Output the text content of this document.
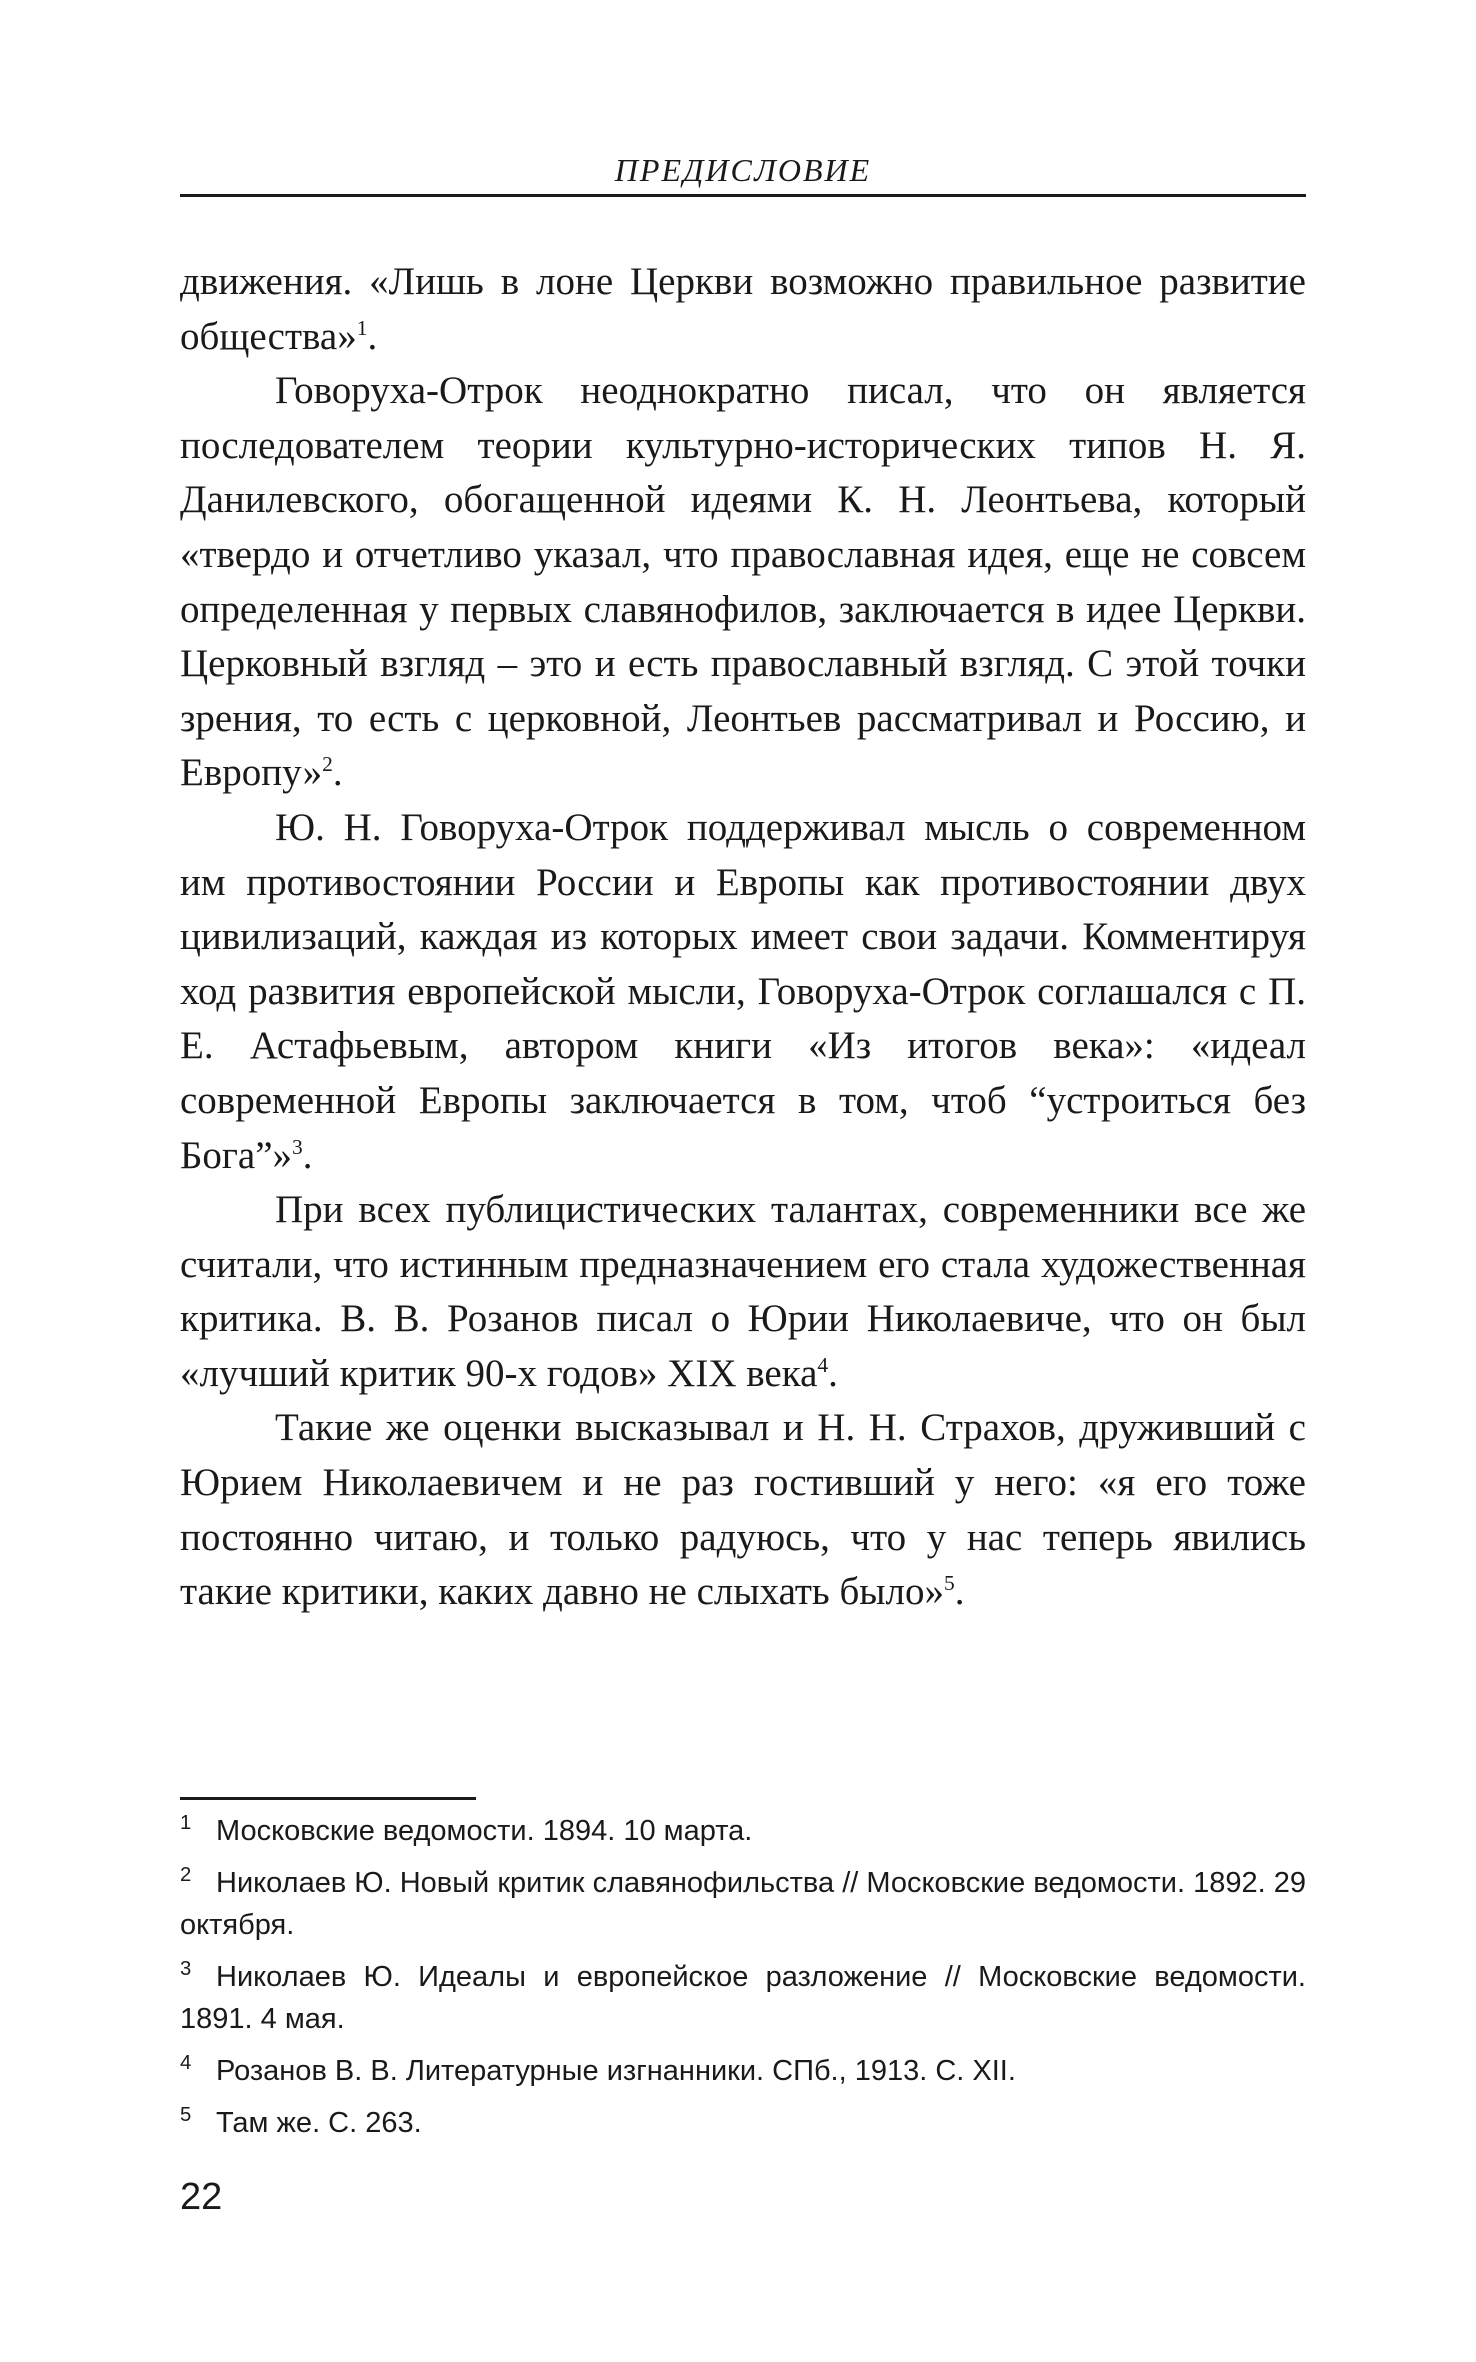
ПРЕДИСЛОВИЕ

движения. «Лишь в лоне Церкви возможно правильное развитие общества»$^1$.

Говоруха-Отрок неоднократно писал, что он является последователем теории культурно-исторических типов Н. Я. Данилевского, обогащенной идеями К. Н. Леонтьева, который «твердо и отчетливо указал, что православная идея, еще не совсем определенная у первых славянофилов, заключается в идее Церкви. Церковный взгляд – это и есть православный взгляд. С этой точки зрения, то есть с церковной, Леонтьев рассматривал и Россию, и Европу»$^2$.

Ю. Н. Говоруха-Отрок поддерживал мысль о современном им противостоянии России и Европы как противостоянии двух цивилизаций, каждая из которых имеет свои задачи. Комментируя ход развития европейской мысли, Говоруха-Отрок соглашался с П. Е. Астафьевым, автором книги «Из итогов века»: «идеал современной Европы заключается в том, чтоб “устроиться без Бога”»$^3$.

При всех публицистических талантах, современники все же считали, что истинным предназначением его стала художественная критика. В. В. Розанов писал о Юрии Николаевиче, что он был «лучший критик 90-х годов» XIX века$^4$.

Такие же оценки высказывал и Н. Н. Страхов, друживший с Юрием Николаевичем и не раз гостивший у него: «я его тоже постоянно читаю, и только радуюсь, что у нас теперь явились такие критики, каких давно не слыхать было»$^5$.

1 Московские ведомости. 1894. 10 марта.

2 Николаев Ю. Новый критик славянофильства // Московские ведомости. 1892. 29 октября.

3 Николаев Ю. Идеалы и европейское разложение // Московские ведомости. 1891. 4 мая.

4 Розанов В. В. Литературные изгнанники. СПб., 1913. С. XII.

5 Там же. С. 263.

22
